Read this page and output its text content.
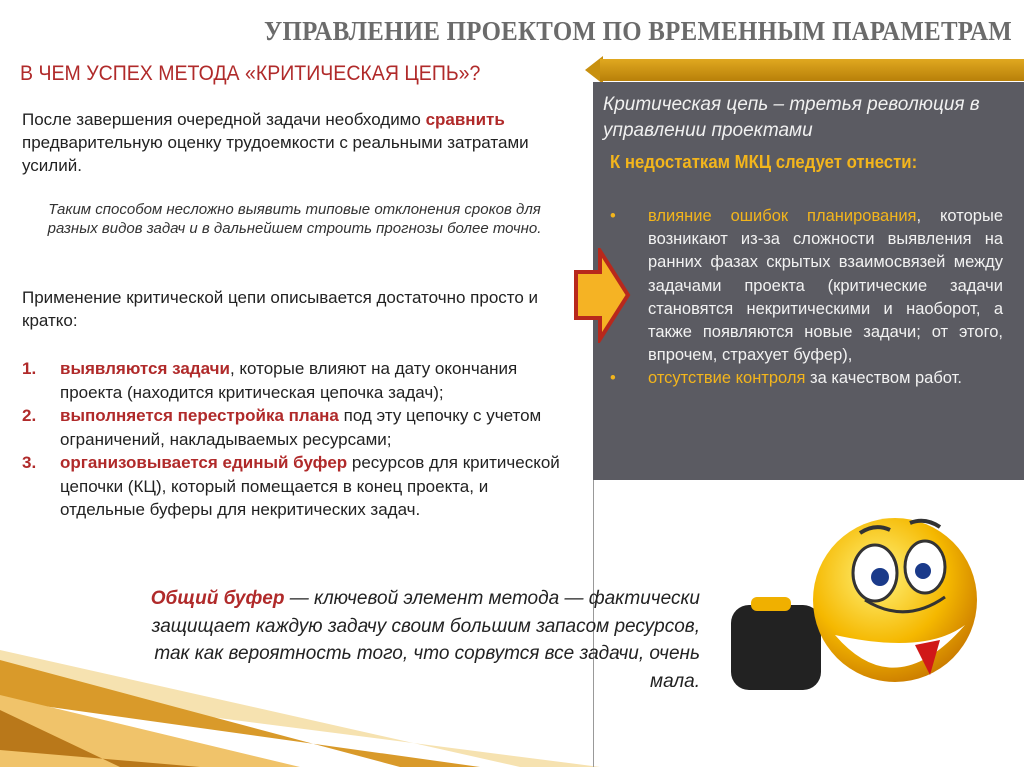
УПРАВЛЕНИЕ ПРОЕКТОМ ПО ВРЕМЕННЫМ ПАРАМЕТРАМ
В ЧЕМ УСПЕХ МЕТОДА «КРИТИЧЕСКАЯ ЦЕПЬ»?
После завершения очередной задачи необходимо сравнить предварительную оценку трудоемкости с реальными затратами усилий.
Таким способом несложно выявить типовые отклонения сроков для разных видов задач и в дальнейшем строить прогнозы более точно.
Применение критической цепи описывается достаточно просто и кратко:
1.	выявляются задачи, которые влияют на дату окончания проекта (находится критическая цепочка задач);
2.	выполняется перестройка плана под эту цепочку с учетом ограничений, накладываемых ресурсами;
3.	организовывается единый буфер ресурсов для критической цепочки (КЦ), который помещается в конец проекта, и отдельные буферы для некритических задач.
Общий буфер — ключевой элемент метода — фактически защищает каждую задачу своим большим запасом ресурсов, так как вероятность того, что сорвутся все задачи, очень мала.
Критическая цепь – третья революция в управлении проектами
К недостаткам МКЦ следует отнести:
•	влияние ошибок планирования, которые возникают из-за сложности выявления на ранних фазах скрытых взаимосвязей между задачами проекта (критические задачи становятся некритическими и наоборот, а также появляются новые задачи; от этого, впрочем, страхует буфер),
•	отсутствие контроля за качеством работ.
